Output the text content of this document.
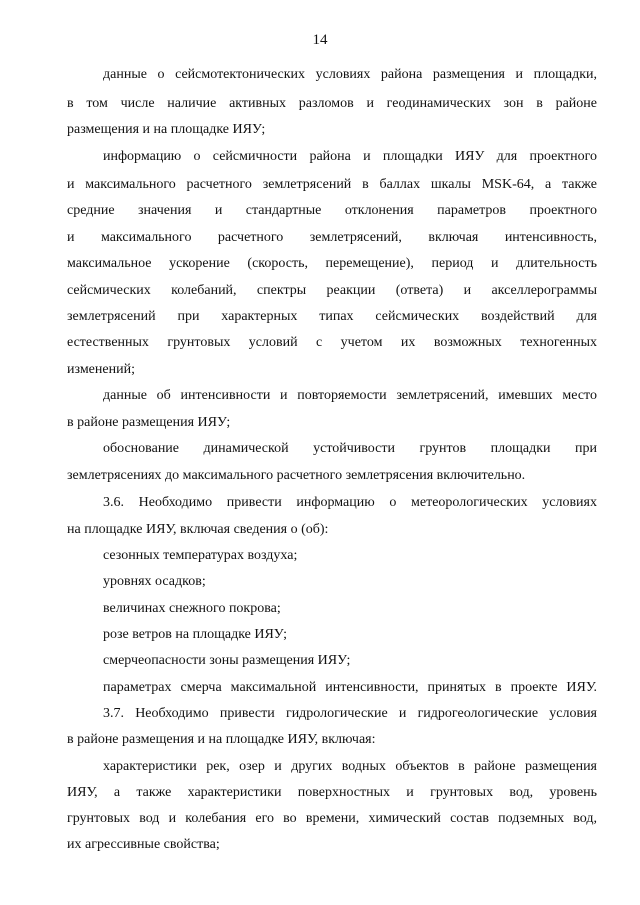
14
данные о сейсмотектонических условиях района размещения и площадки,
в том числе наличие активных разломов и геодинамических зон в районе
размещения и на площадке ИЯУ;
информацию о сейсмичности района и площадки ИЯУ для проектного
и максимального расчетного землетрясений в баллах шкалы MSK-64, а также
средние значения и стандартные отклонения параметров проектного
и максимального расчетного землетрясений, включая интенсивность,
максимальное ускорение (скорость, перемещение), период и длительность
сейсмических колебаний, спектры реакции (ответа) и акселлерограммы
землетрясений при характерных типах сейсмических воздействий для
естественных грунтовых условий с учетом их возможных техногенных
изменений;
данные об интенсивности и повторяемости землетрясений, имевших место
в районе размещения ИЯУ;
обоснование динамической устойчивости грунтов площадки при
землетрясениях до максимального расчетного землетрясения включительно.
3.6. Необходимо привести информацию о метеорологических условиях
на площадке ИЯУ, включая сведения о (об):
сезонных температурах воздуха;
уровнях осадков;
величинах снежного покрова;
розе ветров на площадке ИЯУ;
смерчеопасности зоны размещения ИЯУ;
параметрах смерча максимальной интенсивности, принятых в проекте ИЯУ.
3.7. Необходимо привести гидрологические и гидрогеологические условия
в районе размещения и на площадке ИЯУ, включая:
характеристики рек, озер и других водных объектов в районе размещения
ИЯУ, а также характеристики поверхностных и грунтовых вод, уровень
грунтовых вод и колебания его во времени, химический состав подземных вод,
их агрессивные свойства;
